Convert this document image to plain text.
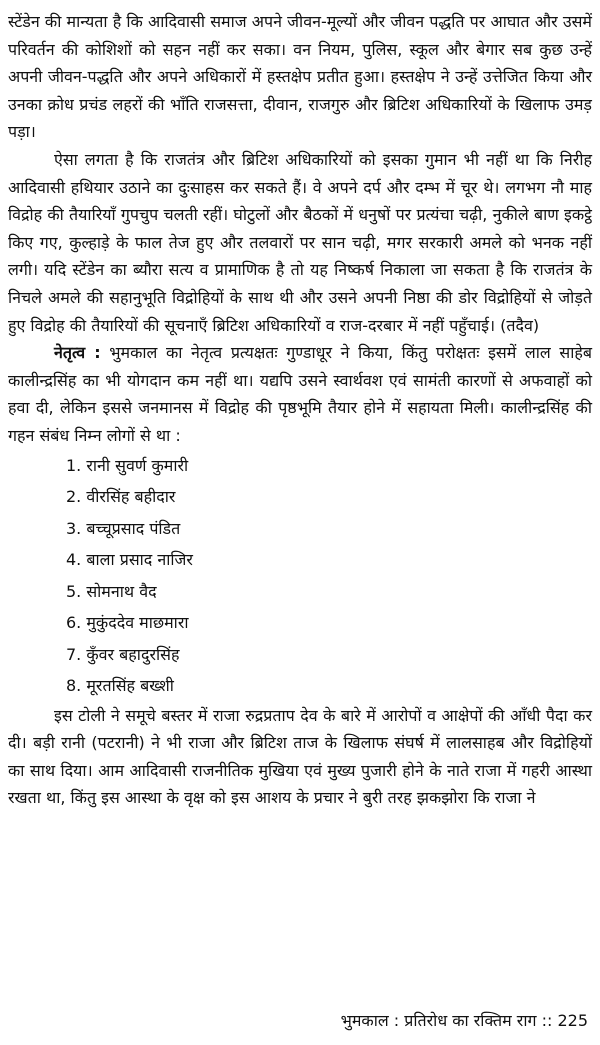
स्टेंडेन की मान्यता है कि आदिवासी समाज अपने जीवन-मूल्यों और जीवन पद्धति पर आघात और उसमें परिवर्तन की कोशिशों को सहन नहीं कर सका। वन नियम, पुलिस, स्कूल और बेगार सब कुछ उन्हें अपनी जीवन-पद्धति और अपने अधिकारों में हस्तक्षेप प्रतीत हुआ। हस्तक्षेप ने उन्हें उत्तेजित किया और उनका क्रोध प्रचंड लहरों की भाँति राजसत्ता, दीवान, राजगुरु और ब्रिटिश अधिकारियों के खिलाफ उमड़ पड़ा।

ऐसा लगता है कि राजतंत्र और ब्रिटिश अधिकारियों को इसका गुमान भी नहीं था कि निरीह आदिवासी हथियार उठाने का दुःसाहस कर सकते हैं। वे अपने दर्प और दम्भ में चूर थे। लगभग नौ माह विद्रोह की तैयारियाँ गुपचुप चलती रहीं। घोटुलों और बैठकों में धनुषों पर प्रत्यंचा चढ़ी, नुकीले बाण इकट्ठे किए गए, कुल्हाड़े के फाल तेज हुए और तलवारों पर सान चढ़ी, मगर सरकारी अमले को भनक नहीं लगी। यदि स्टेंडेन का ब्यौरा सत्य व प्रामाणिक है तो यह निष्कर्ष निकाला जा सकता है कि राजतंत्र के निचले अमले की सहानुभूति विद्रोहियों के साथ थी और उसने अपनी निष्ठा की डोर विद्रोहियों से जोड़ते हुए विद्रोह की तैयारियों की सूचनाएँ ब्रिटिश अधिकारियों व राज-दरबार में नहीं पहुँचाई। (तदैव)

नेतृत्व : भुमकाल का नेतृत्व प्रत्यक्षतः गुण्डाधूर ने किया, किंतु परोक्षतः इसमें लाल साहेब कालीन्द्रसिंह का भी योगदान कम नहीं था। यद्यपि उसने स्वार्थवश एवं सामंती कारणों से अफवाहों को हवा दी, लेकिन इससे जनमानस में विद्रोह की पृष्ठभूमि तैयार होने में सहायता मिली। कालीन्द्रसिंह की गहन संबंध निम्न लोगों से था :

1. रानी सुवर्ण कुमारी
2. वीरसिंह बहीदार
3. बच्चूप्रसाद पंडित
4. बाला प्रसाद नाजिर
5. सोमनाथ वैद
6. मुकुंददेव माछमारा
7. कुँवर बहादुरसिंह
8. मूरतसिंह बख्शी

इस टोली ने समूचे बस्तर में राजा रुद्रप्रताप देव के बारे में आरोपों व आक्षेपों की आँधी पैदा कर दी। बड़ी रानी (पटरानी) ने भी राजा और ब्रिटिश ताज के खिलाफ संघर्ष में लालसाहब और विद्रोहियों का साथ दिया। आम आदिवासी राजनीतिक मुखिया एवं मुख्य पुजारी होने के नाते राजा में गहरी आस्था रखता था, किंतु इस आस्था के वृक्ष को इस आशय के प्रचार ने बुरी तरह झकझोरा कि राजा ने

भुमकाल : प्रतिरोध का रक्तिम राग :: 225
